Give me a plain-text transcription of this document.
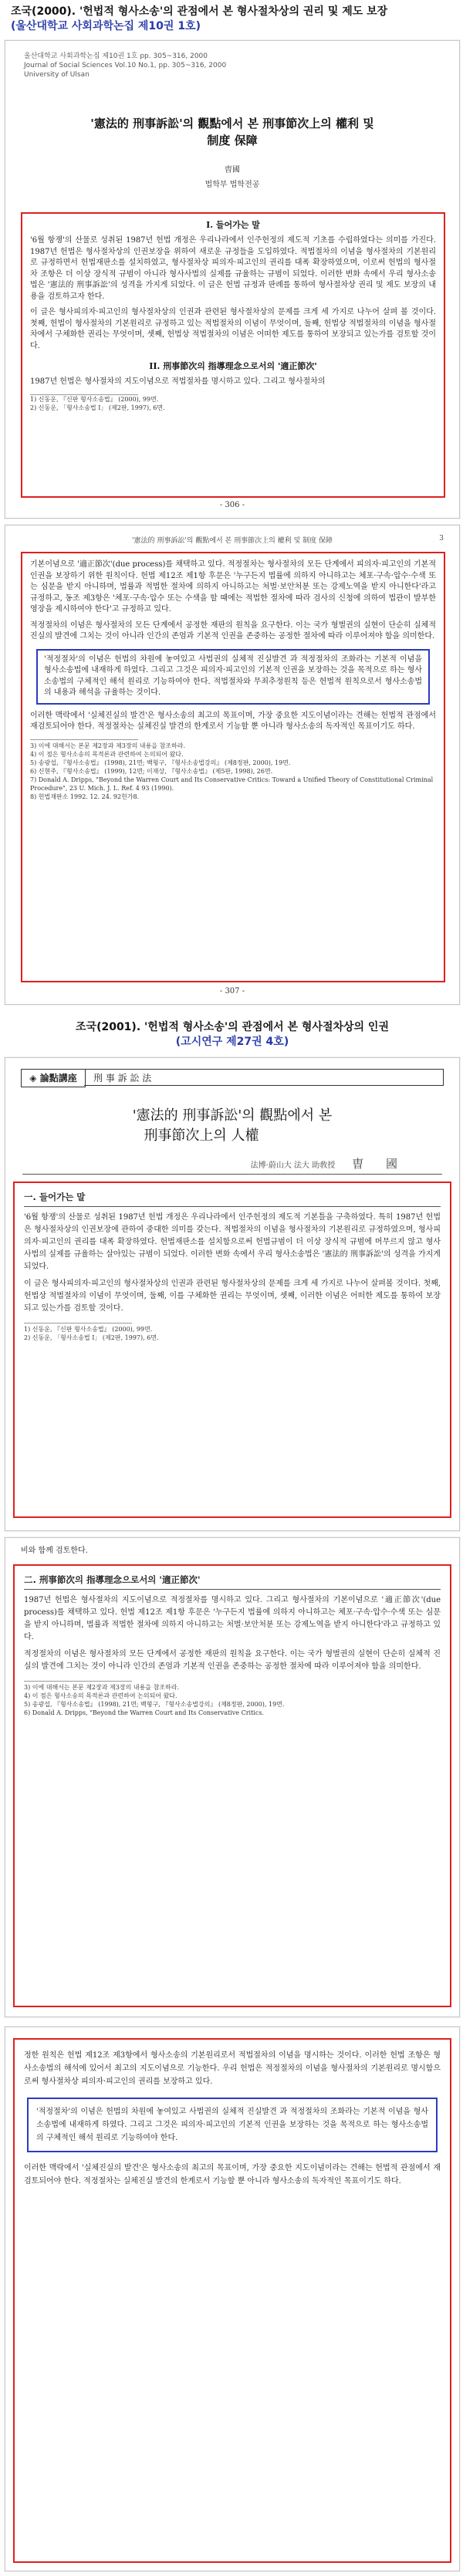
조국(2000). '헌법적 형사소송'의 관점에서 본 형사절차상의 권리 및 제도 보장
(울산대학교 사회과학논집 제10권 1호)
울산대학교 사회과학논집 제10권 1호 pp. 305~316, 2000
Journal of Social Sciences Vol.10 No.1, pp. 305~316, 2000
University of Ulsan
'憲法的 刑事訴訟'의 觀點에서 본 刑事節次上의 權利 및
制度 保障
曺國
법학부 법학전공
I. 들어가는 말
'6월 항쟁'의 산물로 성취된 1987년 헌법 개정은 우리나라에서 인주헌정의 제도적 기초를 수립하였다는 의미를 가진다. 1987년 헌법은 형사절차상의 인권보장을 위하여 새로운 규정들을 도입하였다. 적법절차의 이념을 형사절차의 기본원리로 규정하면서 헌법재판소를 설치하였고, 형사절차상 피의자·피고인의 권리를 대폭 확장하였으며, 이로써 헌법의 형사절차 조항은 더 이상 장식적 규범이 아니라 형사사법의 실제를 규율하는 규범이 되었다. 이러한 변화 속에서 우리 형사소송법은 '憲法的 刑事訴訟'의 성격을 가지게 되었다. 이 글은 헌법 규정과 판례를 통하여 형사절차상 권리 및 제도 보장의 내용을 검토하고자 한다.
이 글은 형사피의자·피고인의 형사절차상의 인권과 관련된 형사절차상의 문제를 크게 세 가지로 나누어 살펴 볼 것이다. 첫째, 헌법이 형사절차의 기본원리로 규정하고 있는 적법절차의 이념이 무엇이며, 둘째, 헌법상 적법절차의 이념을 형사절차에서 구체화한 권리는 무엇이며, 셋째, 헌법상 적법절차의 이념은 어떠한 제도를 통하여 보장되고 있는가를 검토할 것이다.
II. 刑事節次의 指導理念으로서의 '適正節次'
1987년 헌법은 형사절차의 지도이념으로 적법절차를 명시하고 있다. 그리고 형사절차의
1) 신동운, 『신판 형사소송법』 (2000), 99면.
2) 신동운, 「형사소송법 I」 (제2판, 1997), 6면.
- 306 -
'憲法的 刑事訴訟'의 觀點에서 본 刑事節次上의 權利 및 制度 保障	3
기본이념으로 '適正節次'(due process)를 채택하고 있다. 적정절차는 형사절차의 모든 단계에서 피의자·피고인의 기본적 인권을 보장하기 위한 원칙이다. 헌법 제12조 제1항 후문은 '누구든지 법률에 의하지 아니하고는 체포·구속·압수·수색 또는 심문을 받지 아니하며, 법률과 적법한 절차에 의하지 아니하고는 처벌·보안처분 또는 강제노역을 받지 아니한다'라고 규정하고, 동조 제3항은 '체포·구속·압수 또는 수색을 할 때에는 적법한 절차에 따라 검사의 신청에 의하여 법관이 발부한 영장을 제시하여야 한다'고 규정하고 있다.
적정절차의 이념은 형사절차의 모든 단계에서 공정한 재판의 원칙을 요구한다. 이는 국가 형벌권의 실현이 단순히 실체적 진실의 발견에 그치는 것이 아니라 인간의 존엄과 기본적 인권을 존중하는 공정한 절차에 따라 이루어져야 함을 의미한다.
'적정절차'의 이념은 헌법의 차원에 놓여있고 사법권의 실체적 진실발견 과 적정절차의 조화라는 기본적 이념을 형사소송법에 내재하게 하였다. 그리고 그것은 피의자·피고인의 기본적 인권을 보장하는 것을 목적으로 하는 형사소송법의 구체적인 해석 원리로 기능하여야 한다. 적법절차와 무죄추정원칙 등은 헌법적 원칙으로서 형사소송법의 내용과 해석을 규율하는 것이다.
이러한 맥락에서 '실체진실의 발견'은 형사소송의 최고의 목표이며, 가장 중요한 지도이념이라는 견해는 헌법적 관점에서 재검토되어야 한다. 적정절차는 실체진실 발견의 한계로서 기능할 뿐 아니라 형사소송의 독자적인 목표이기도 하다.
3) 이에 대해서는 본문 제2장과 제3장의 내용을 참조하라.
4) 이 점은 형사소송의 목적론과 관련하여 논의되어 왔다.
5) 송광섭, 『형사소송법』 (1998), 21면; 백형구, 『형사소송법강의』 (제8정판, 2000), 19면.
6) 신현주, 『형사소송법』 (1999), 12면; 이재상, 『형사소송법』 (제5판, 1998), 26면.
7) Donald A. Dripps, "Beyond the Warren Court and Its Conservative Critics: Toward a Unified Theory of Constitutional Criminal Procedure", 23 U. Mich. J. L. Ref. 4 93 (1990).
8) 헌법재판소 1992. 12. 24. 92헌가8.
- 307 -
조국(2001). '헌법적 형사소송'의 관점에서 본 형사절차상의 인권
(고시연구 제27권 4호)
◈ 論點講座	刑 事 訴 訟 法
'憲法的 刑事訴訟'의 觀點에서 본
刑事節次上의 人權
法博·蔚山大 法大 助敎授 曺 國
一. 들어가는 말
'6월 항쟁'의 산물로 성취된 1987년 헌법 개정은 우리나라에서 인주헌정의 제도적 기본틀을 구축하였다. 특히 1987년 헌법은 형사절차상의 인권보장에 관하여 중대한 의미를 갖는다. 적법절차의 이념을 형사절차의 기본원리로 규정하였으며, 형사피의자·피고인의 권리를 대폭 확장하였다. 헌법재판소를 설치함으로써 헌법규범이 더 이상 장식적 규범에 머무르지 않고 형사사법의 실제를 규율하는 살아있는 규범이 되었다. 이러한 변화 속에서 우리 형사소송법은 '憲法的 刑事訴訟'의 성격을 가지게 되었다.
이 글은 형사피의자·피고인의 형사절차상의 인권과 관련된 형사절차상의 문제를 크게 세 가지로 나누어 살펴볼 것이다. 첫째, 헌법상 적법절차의 이념이 무엇이며, 둘째, 이를 구체화한 권리는 무엇이며, 셋째, 이러한 이념은 어떠한 제도를 통하여 보장되고 있는가를 검토할 것이다.
1) 신동운, 『신판 형사소송법』 (2000), 99면.
2) 신동운, 「형사소송법 I」 (제2판, 1997), 6면.
비와 함께 검토한다.
二. 刑事節次의 指導理念으로서의 '適正節次'
1987년 헌법은 형사절차의 지도이념으로 적정절차를 명시하고 있다. 그리고 형사절차의 기본이념으로 '適正節次'(due process)를 채택하고 있다. 헌법 제12조 제1항 후문은 '누구든지 법률에 의하지 아니하고는 체포·구속·압수·수색 또는 심문을 받지 아니하며, 법률과 적법한 절차에 의하지 아니하고는 처벌·보안처분 또는 강제노역을 받지 아니한다'라고 규정하고 있다.
적정절차의 이념은 형사절차의 모든 단계에서 공정한 재판의 원칙을 요구한다. 이는 국가 형벌권의 실현이 단순히 실체적 진실의 발견에 그치는 것이 아니라 인간의 존엄과 기본적 인권을 존중하는 공정한 절차에 따라 이루어져야 함을 의미한다.
3) 이에 대해서는 본문 제2장과 제3장의 내용을 참조하라.
4) 이 점은 형사소송의 목적론과 관련하여 논의되어 왔다.
5) 송광섭, 『형사소송법』 (1998), 21면; 백형구, 『형사소송법강의』 (제8정판, 2000), 19면.
6) Donald A. Dripps, "Beyond the Warren Court and Its Conservative Critics.
정한 원칙은 헌법 제12조 제3항에서 형사소송의 기본원리로서 적법절차의 이념을 명시하는 것이다. 이러한 헌법 조항은 형사소송법의 해석에 있어서 최고의 지도이념으로 기능한다. 우리 헌법은 적정절차의 이념을 형사절차의 기본원리로 명시함으로써 형사절차상 피의자·피고인의 권리를 보장하고 있다.
'적정절차'의 이념은 헌법의 차원에 놓여있고 사법권의 실체적 진실발견 과 적정절차의 조화라는 기본적 이념을 형사소송법에 내재하게 하였다. 그리고 그것은 피의자·피고인의 기본적 인권을 보장하는 것을 목적으로 하는 형사소송법의 구체적인 해석 원리로 기능하여야 한다.
이러한 맥락에서 '실체진실의 발견'은 형사소송의 최고의 목표이며, 가장 중요한 지도이념이라는 견해는 헌법적 관점에서 재검토되어야 한다. 적정절차는 실체진실 발견의 한계로서 기능할 뿐 아니라 형사소송의 독자적인 목표이기도 하다.
